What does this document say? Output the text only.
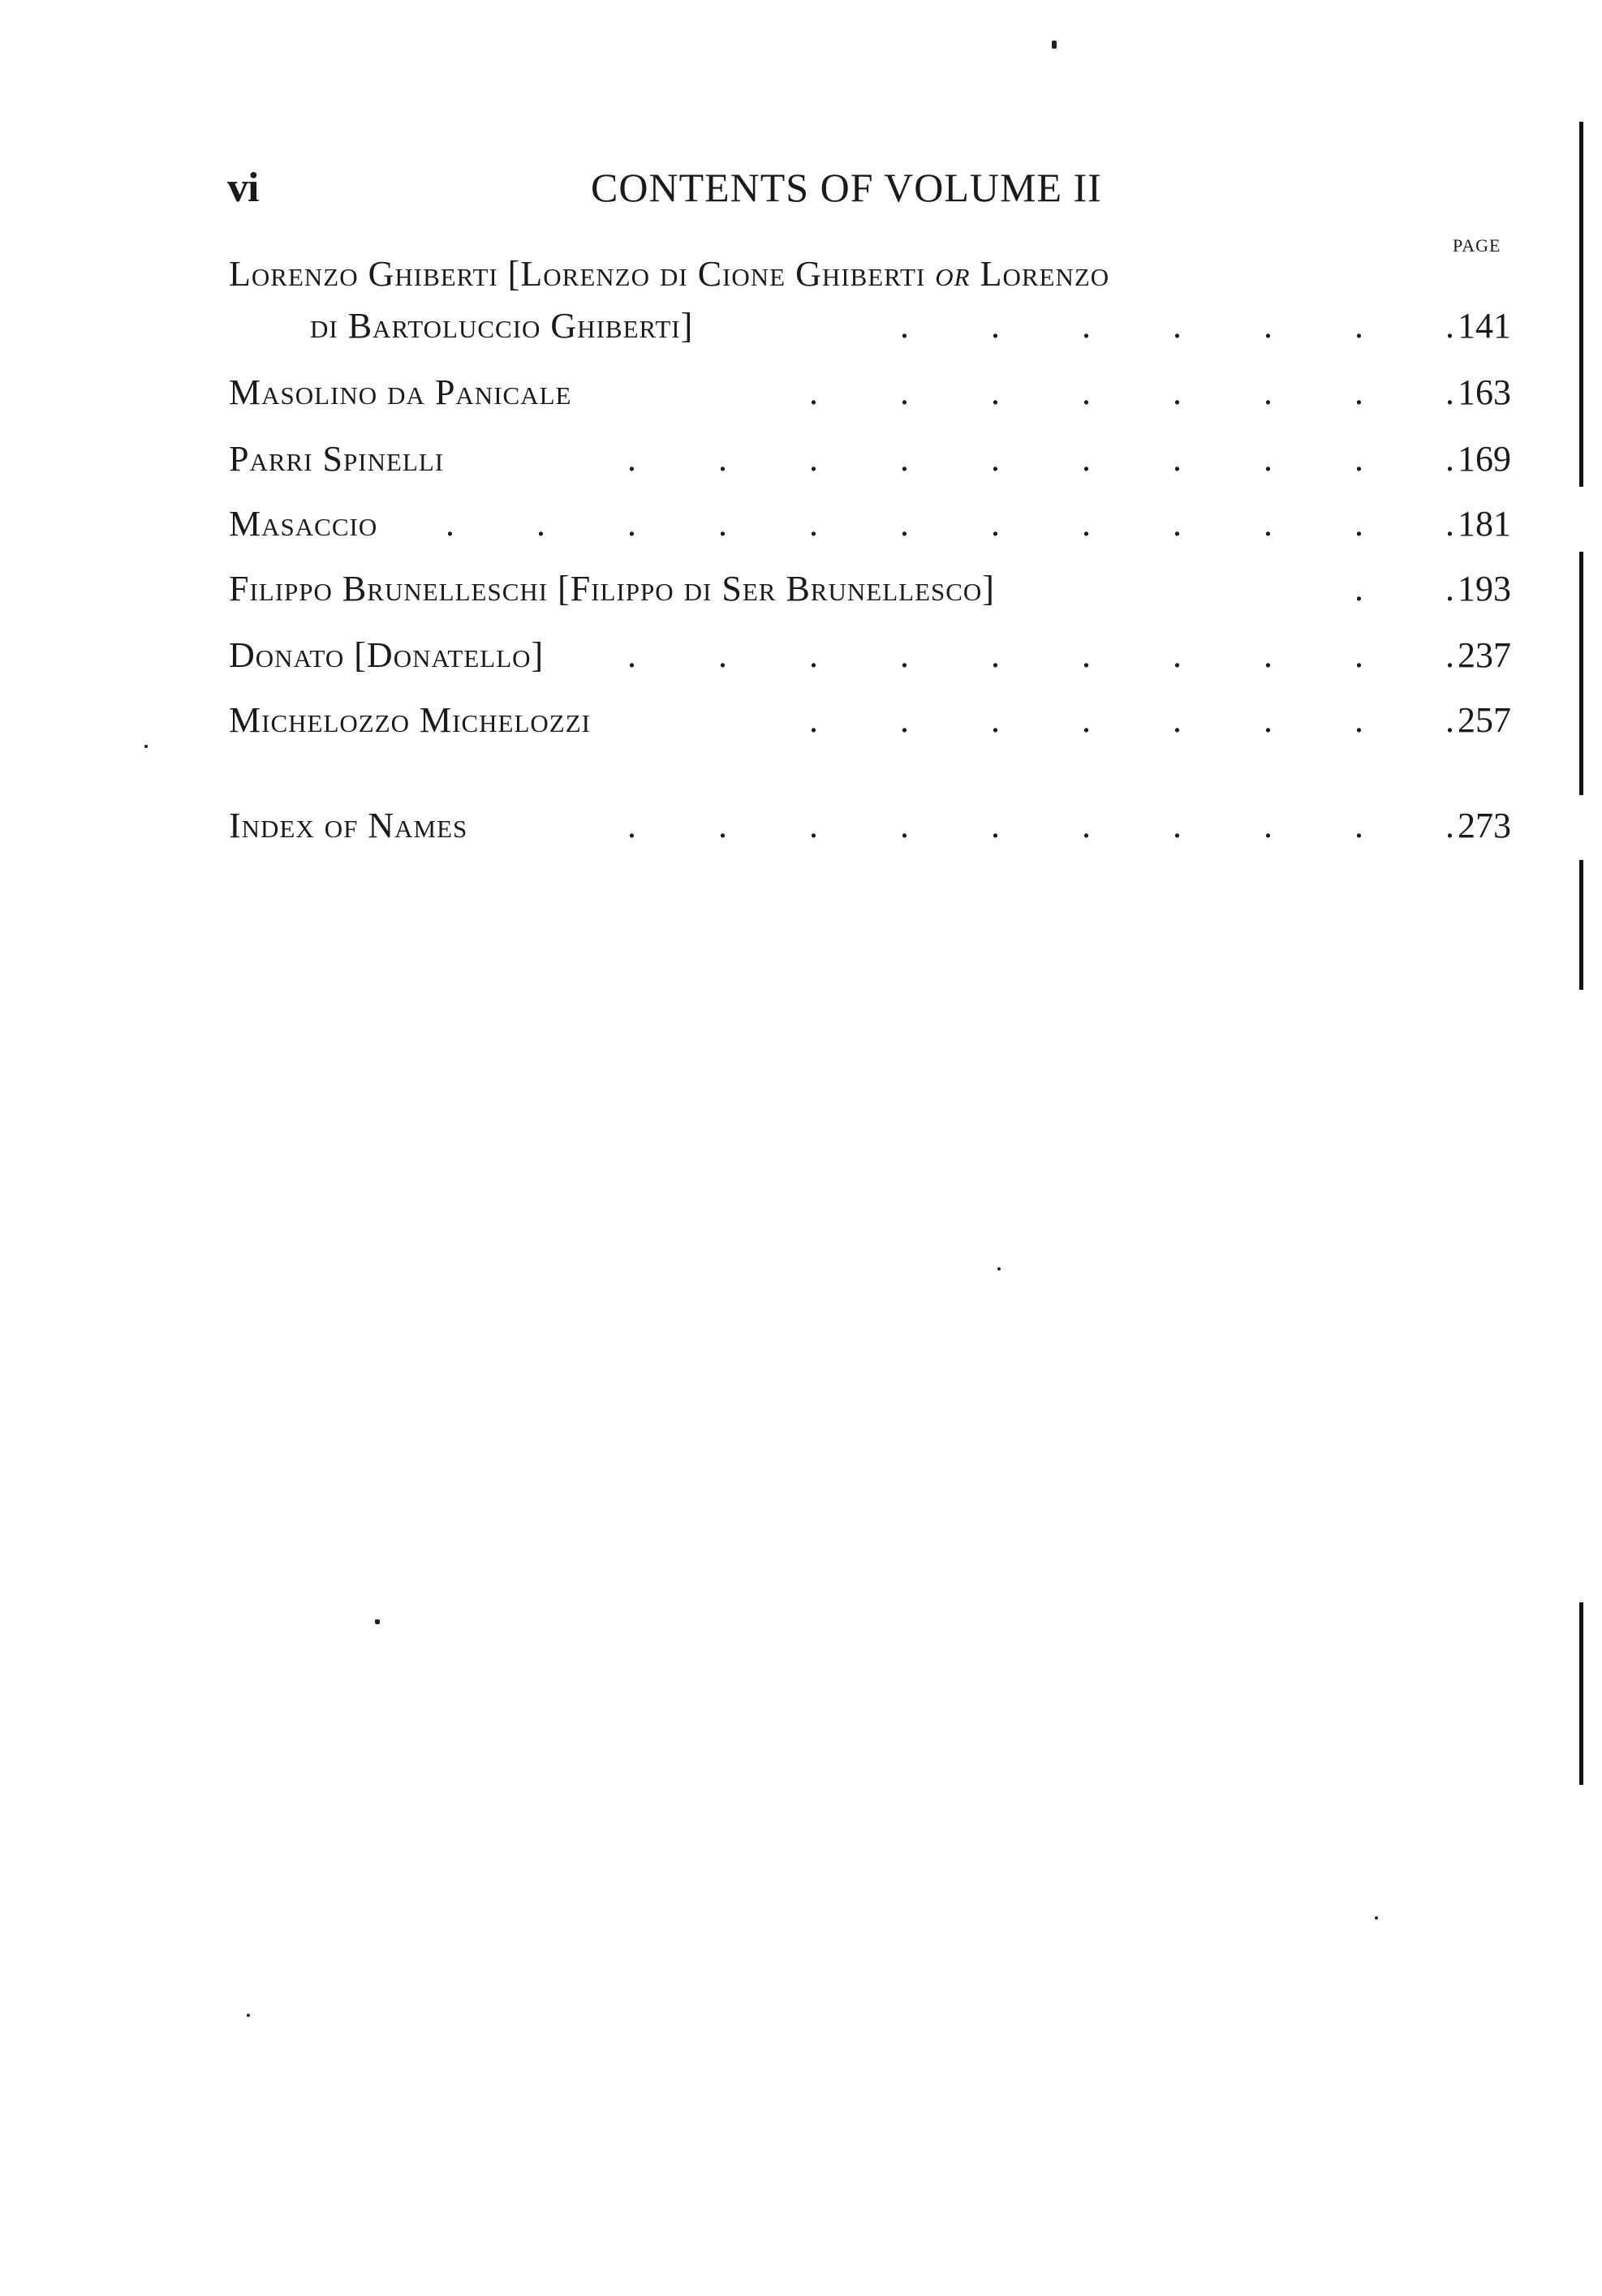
vi	CONTENTS OF VOLUME II
PAGE
Lorenzo Ghiberti [Lorenzo di Cione Ghiberti or Lorenzo
di Bartoluccio Ghiberti]	. . . . . . . 141
Masolino da Panicale	. . . . . . . . 163
Parri Spinelli	. . . . . . . . . . 169
Masaccio	. . . . . . . . . . . . 181
Filippo Brunelleschi [Filippo di Ser Brunellesco]	. . 193
Donato [Donatello]	. . . . . . . . . . 237
Michelozzo Michelozzi	. . . . . . . . 257
Index of Names	. . . . . . . . . . 273
